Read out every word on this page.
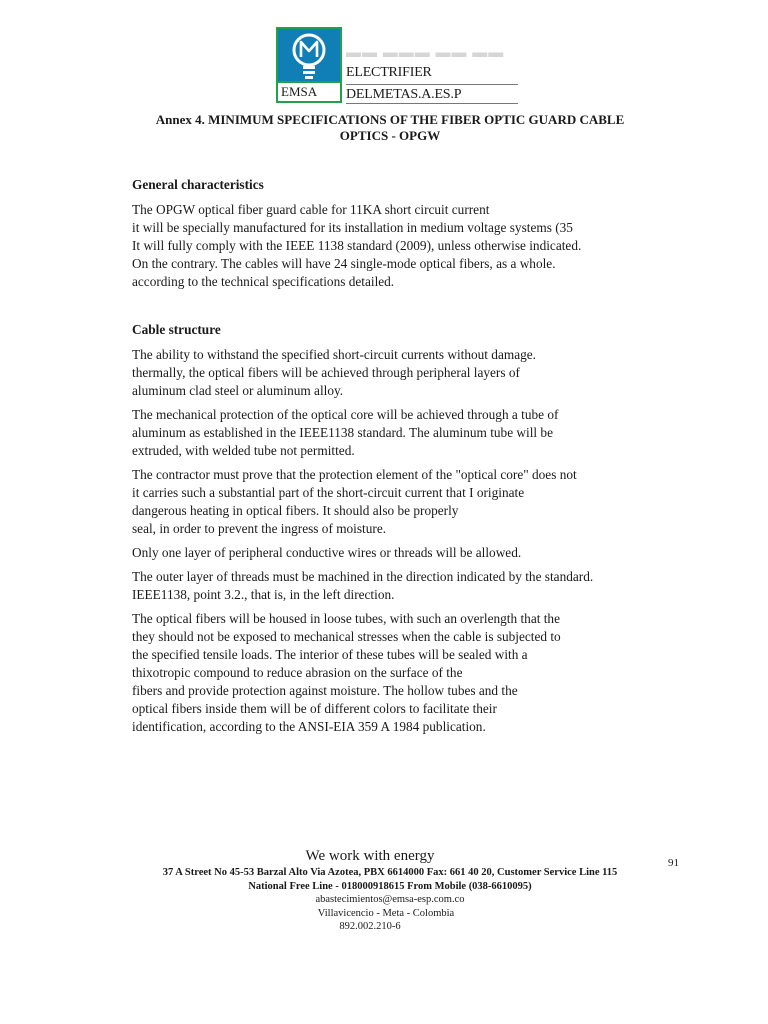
EMSA
▬▬ ▬▬▬ ▬▬ ▬▬
ELECTRIFIER
DELMETAS.A.ES.P
Annex 4. MINIMUM SPECIFICATIONS OF THE FIBER OPTIC GUARD CABLE
OPTICS - OPGW
General characteristics

The OPGW optical fiber guard cable for 11KA short circuit current
it will be specially manufactured for its installation in medium voltage systems (35
It will fully comply with the IEEE 1138 standard (2009), unless otherwise indicated.
On the contrary. The cables will have 24 single-mode optical fibers, as a whole.
according to the technical specifications detailed.

Cable structure

The ability to withstand the specified short-circuit currents without damage.
thermally, the optical fibers will be achieved through peripheral layers of
aluminum clad steel or aluminum alloy.

The mechanical protection of the optical core will be achieved through a tube of
aluminum as established in the IEEE1138 standard. The aluminum tube will be
extruded, with welded tube not permitted.

The contractor must prove that the protection element of the "optical core" does not
it carries such a substantial part of the short-circuit current that I originate
dangerous heating in optical fibers. It should also be properly
seal, in order to prevent the ingress of moisture.

Only one layer of peripheral conductive wires or threads will be allowed.

The outer layer of threads must be machined in the direction indicated by the standard.
IEEE1138, point 3.2., that is, in the left direction.

The optical fibers will be housed in loose tubes, with such an overlength that the
they should not be exposed to mechanical stresses when the cable is subjected to
the specified tensile loads. The interior of these tubes will be sealed with a
thixotropic compound to reduce abrasion on the surface of the
fibers and provide protection against moisture. The hollow tubes and the
optical fibers inside them will be of different colors to facilitate their
identification, according to the ANSI-EIA 359 A 1984 publication.

We work with energy
37 A Street No 45-53 Barzal Alto Via Azotea, PBX 6614000 Fax: 661 40 20, Customer Service Line 115
National Free Line - 018000918615 From Mobile (038-6610095)
abastecimientos@emsa-esp.com.co
Villavicencio - Meta - Colombia
892.002.210-6
91
